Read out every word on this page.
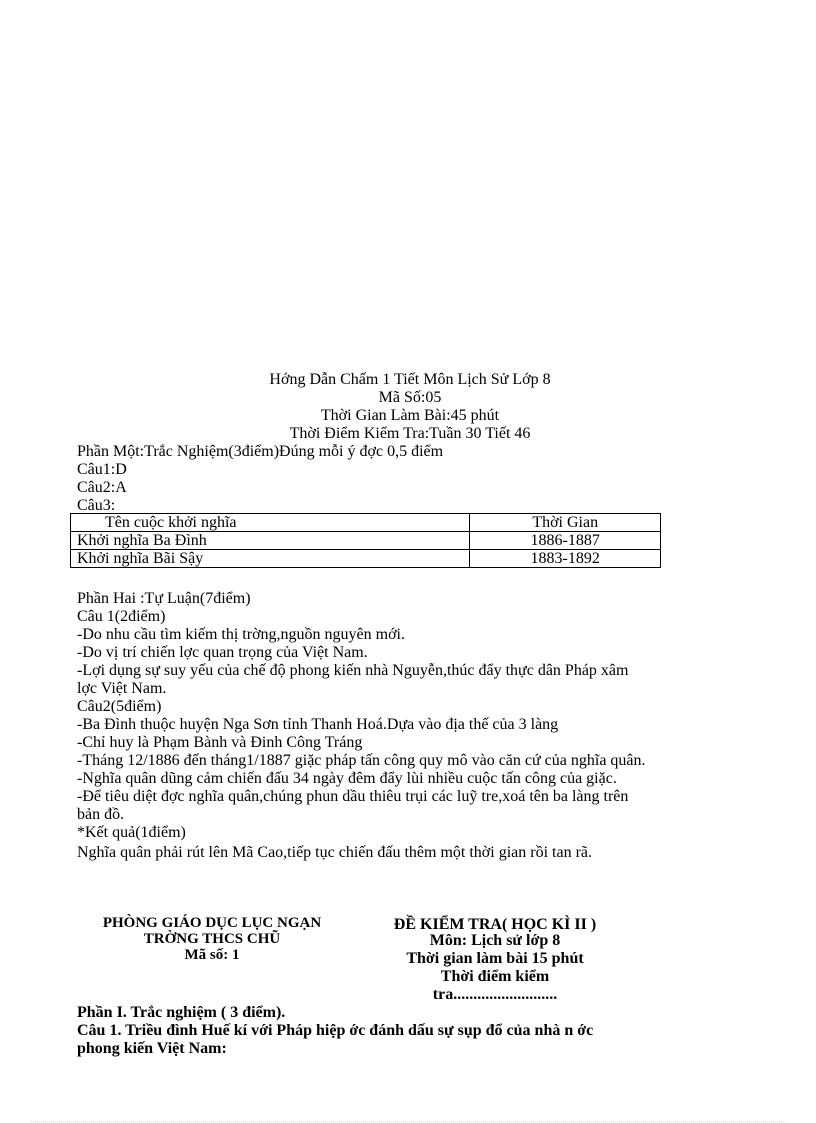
Hớng Dẫn Chấm 1 Tiết Môn Lịch Sử Lớp 8
Mã Số:05
Thời Gian Làm Bài:45 phút
Thời Điểm Kiểm Tra:Tuần 30 Tiết 46
Phần Một:Trắc Nghiệm(3điểm)Đúng mỗi ý đợc 0,5 điểm
Câu1:D
Câu2:A
Câu3:
Tên cuộc khởi nghĩa	Thời Gian
Khởi nghĩa Ba Đình	1886-1887
Khởi nghĩa Bãi Sậy	1883-1892
Phần Hai :Tự Luận(7điểm)
Câu 1(2điểm)
-Do nhu cầu tìm kiếm thị trờng,nguồn nguyên mới.
-Do vị trí chiến lợc quan trọng của Việt Nam.
-Lợi dụng sự suy yếu của chế độ phong kiến nhà Nguyễn,thúc đẩy thực dân Pháp xâm
lợc Việt Nam.
Câu2(5điểm)
-Ba Đình thuộc huyện Nga Sơn tỉnh Thanh Hoá.Dựa vào địa thế của 3 làng
-Chỉ huy là Phạm Bành và Đinh Công Tráng
-Tháng 12/1886 đến tháng1/1887 giặc pháp tấn công quy mô vào căn cứ của nghĩa quân.
-Nghĩa quân dũng cảm chiến đấu 34 ngày đêm đẩy lùi nhiều cuộc tấn công của giặc.
-Để tiêu diệt đợc nghĩa quân,chúng phun dầu thiêu trụi các luỹ tre,xoá tên ba làng trên
bản đồ.
*Kết quả(1điểm)
Nghĩa quân phải rút lên Mã Cao,tiếp tục chiến đấu thêm một thời gian rồi tan rã.
PHÒNG GIÁO DỤC LỤC NGẠN
TRỜNG THCS CHŨ
Mã số: 1
ĐỀ KIỂM TRA( HỌC KÌ II )
Môn: Lịch sử lớp 8
Thời gian làm bài 15 phút
Thời điểm kiểm
tra..........................
Phần I. Trắc nghiệm ( 3 điểm).
Câu 1. Triều đình Huế kí với Pháp hiệp ớc đánh dấu sự sụp đổ của nhà n ớc
phong kiến Việt Nam:
